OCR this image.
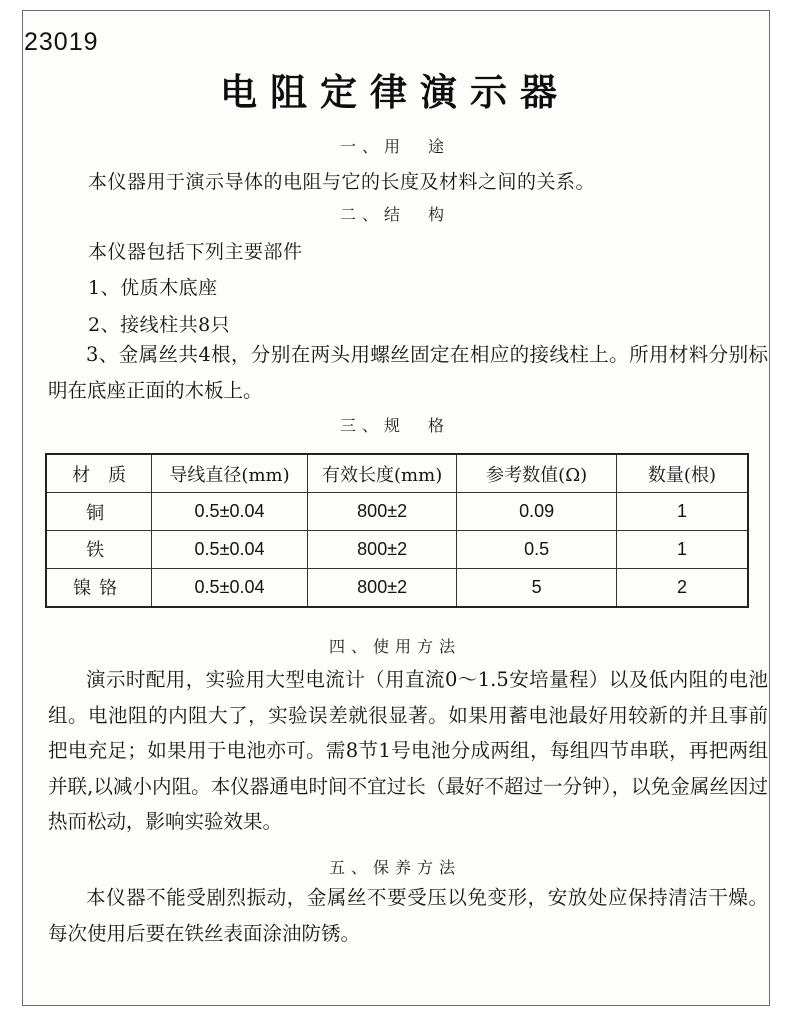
23019
电阻定律演示器
一、用　途
本仪器用于演示导体的电阻与它的长度及材料之间的关系。
二、结　构
本仪器包括下列主要部件
1、优质木底座
2、接线柱共8只
3、金属丝共4根，分别在两头用螺丝固定在相应的接线柱上。所用材料分别标明在底座正面的木板上。
三、规　格
材　质	导线直径(mm)	有效长度(mm)	参考数值(Ω)	数量(根)
铜	0.5±0.04	800±2	0.09	1
铁	0.5±0.04	800±2	0.5	1
镍铬	0.5±0.04	800±2	5	2
四、使用方法
演示时配用，实验用大型电流计（用直流0～1.5安培量程）以及低内阻的电池组。电池阻的内阻大了，实验误差就很显著。如果用蓄电池最好用较新的并且事前把电充足；如果用于电池亦可。需8节1号电池分成两组，每组四节串联，再把两组并联,以减小内阻。本仪器通电时间不宜过长（最好不超过一分钟），以免金属丝因过热而松动，影响实验效果。
五、保养方法
本仪器不能受剧烈振动，金属丝不要受压以免变形，安放处应保持清洁干燥。每次使用后要在铁丝表面涂油防锈。
